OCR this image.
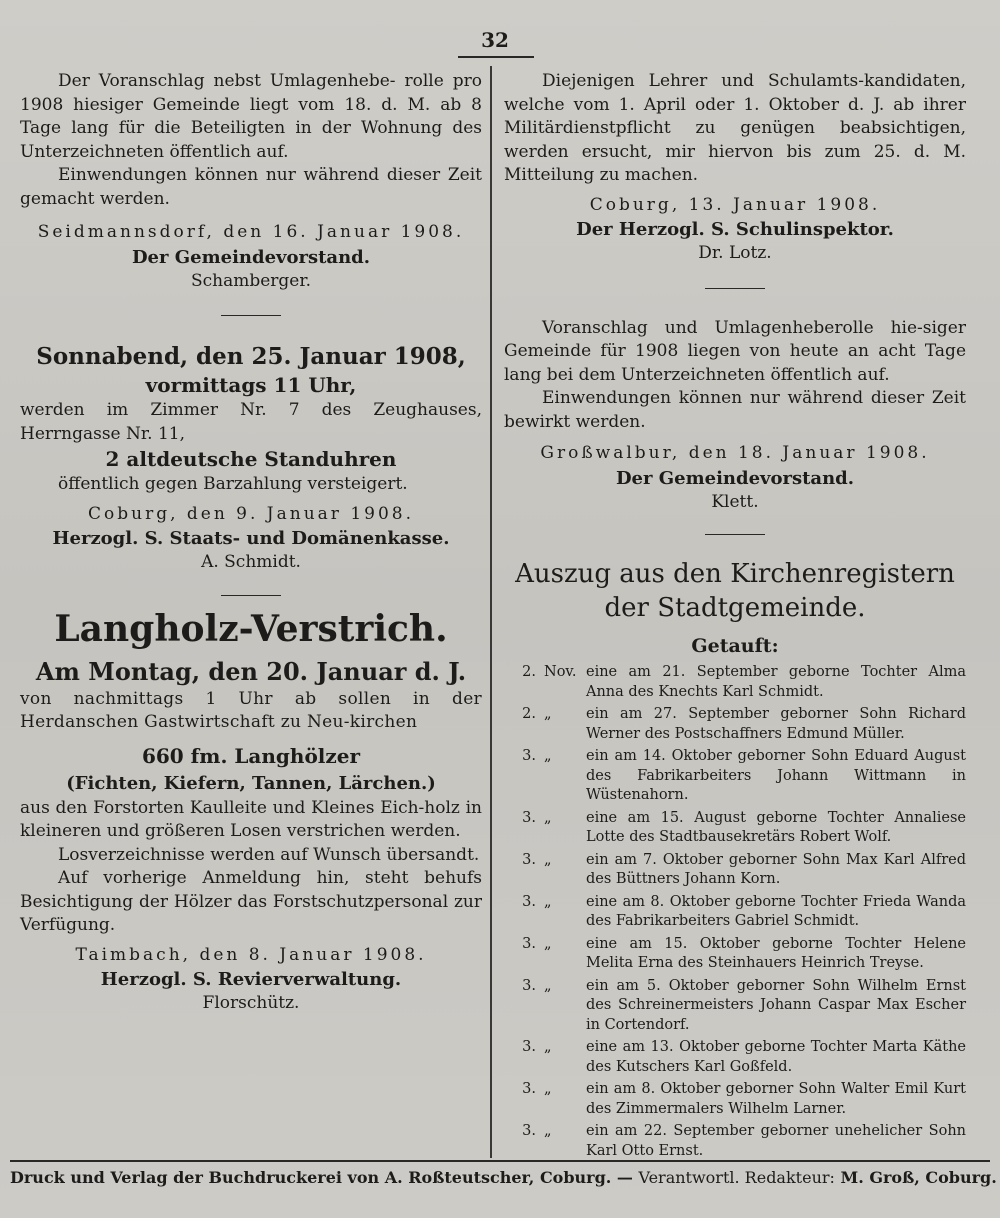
32

Der Voranschlag nebst Umlagenhebe- rolle pro 1908 hiesiger Gemeinde liegt vom 18. d. M. ab 8 Tage lang für die Beteiligten in der Wohnung des Unterzeichneten öffentlich auf.

Einwendungen können nur während dieser Zeit gemacht werden.

Seidmannsdorf, den 16. Januar 1908.

Der Gemeindevorstand.

Schamberger.

Sonnabend, den 25. Januar 1908,

vormittags 11 Uhr,

werden im Zimmer Nr. 7 des Zeughauses, Herrngasse Nr. 11,

2 altdeutsche Standuhren

öffentlich gegen Barzahlung versteigert.

Coburg, den 9. Januar 1908.

Herzogl. S. Staats- und Domänenkasse.

A. Schmidt.

Langholz-Verstrich.

Am Montag, den 20. Januar d. J.

von nachmittags 1 Uhr ab sollen in der Herdanschen Gastwirtschaft zu Neu-kirchen

660 fm. Langhölzer

(Fichten, Kiefern, Tannen, Lärchen.)

aus den Forstorten Kaulleite und Kleines Eich-holz in kleineren und größeren Losen verstrichen werden.

Losverzeichnisse werden auf Wunsch übersandt.

Auf vorherige Anmeldung hin, steht behufs Besichtigung der Hölzer das Forstschutzpersonal zur Verfügung.

Taimbach, den 8. Januar 1908.

Herzogl. S. Revierverwaltung.

Florschütz.

Diejenigen Lehrer und Schulamts-kandidaten, welche vom 1. April oder 1. Oktober d. J. ab ihrer Militärdienstpflicht zu genügen beabsichtigen, werden ersucht, mir hiervon bis zum 25. d. M. Mitteilung zu machen.

Coburg, 13. Januar 1908.

Der Herzogl. S. Schulinspektor.

Dr. Lotz.

Voranschlag und Umlagenheberolle hie-siger Gemeinde für 1908 liegen von heute an acht Tage lang bei dem Unterzeichneten öffentlich auf.

Einwendungen können nur während dieser Zeit bewirkt werden.

Großwalbur, den 18. Januar 1908.

Der Gemeindevorstand.

Klett.

Auszug aus den Kirchenregistern

der Stadtgemeinde.

Getauft:

2. Nov. eine am 21. September geborne Tochter Alma Anna des Knechts Karl Schmidt.
2. „	ein am 27. September geborner Sohn Richard Werner des Postschaffners Edmund Müller.
3. „	ein am 14. Oktober geborner Sohn Eduard August des Fabrikarbeiters Johann Wittmann in Wüstenahorn.
3. „	eine am 15. August geborne Tochter Annaliese Lotte des Stadtbausekretärs Robert Wolf.
3. „	ein am 7. Oktober geborner Sohn Max Karl Alfred des Büttners Johann Korn.
3. „	eine am 8. Oktober geborne Tochter Frieda Wanda des Fabrikarbeiters Gabriel Schmidt.
3. „	eine am 15. Oktober geborne Tochter Helene Melita Erna des Steinhauers Heinrich Treyse.
3. „	ein am 5. Oktober geborner Sohn Wilhelm Ernst des Schreinermeisters Johann Caspar Max Escher in Cortendorf.
3. „	eine am 13. Oktober geborne Tochter Marta Käthe des Kutschers Karl Goßfeld.
3. „	ein am 8. Oktober geborner Sohn Walter Emil Kurt des Zimmermalers Wilhelm Larner.
3. „	ein am 22. September geborner unehelicher Sohn Karl Otto Ernst.
Druck und Verlag der Buchdruckerei von A. Roßteutscher, Coburg. — Verantwortl. Redakteur: M. Groß, Coburg.
